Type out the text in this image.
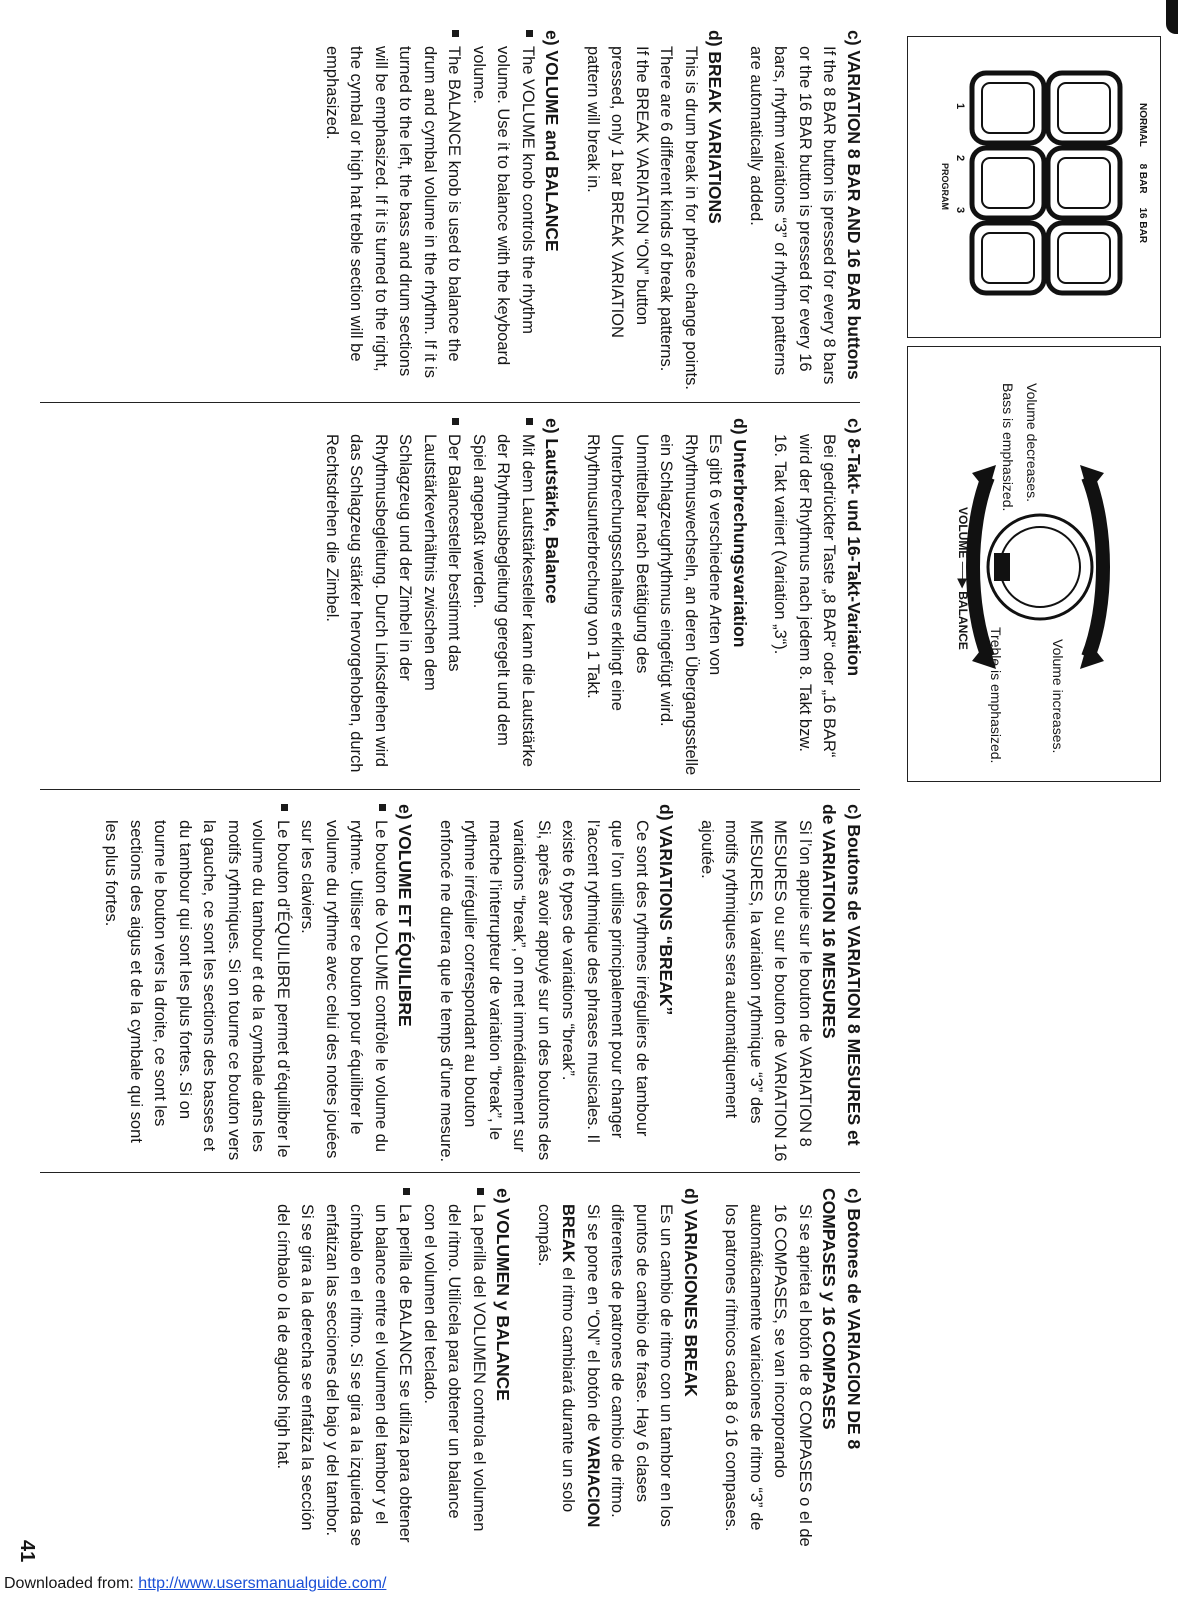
NORMAL      8 BAR     16 BAR
1               2               3
PROGRAM
Volume decreases.
Bass is emphasized.
VOLUME ──▶ BALANCE
Volume increases.
Treble is emphasized.

c) VARIATION 8 BAR AND 16 BAR buttons

If the 8 BAR button is pressed for every 8 bars or the 16 BAR button is pressed for every 16 bars, rhythm variations “3” of rhythm patterns are automatically added.

d) BREAK VARIATIONS

This is drum break in for phrase change points. There are 6 different kinds of break patterns.

If the BREAK VARIATION “ON” button pressed, only 1 bar BREAK VARIATION pattern will break in.

e) VOLUME and BALANCE

The VOLUME knob controls the rhythm volume. Use it to balance with the keyboard volume.

The BALANCE knob is used to balance the drum and cymbal volume in the rhythm. If it is turned to the left, the bass and drum sections will be emphasized. If it is turned to the right, the cymbal or high hat treble section will be emphasized.

c) 8-Takt- und 16-Takt-Variation

Bei gedrückter Taste „8 BAR“ oder „16 BAR“ wird der Rhythmus nach jedem 8. Takt bzw. 16. Takt variiert (Variation „3“).

d) Unterbrechungsvariation

Es gibt 6 verschiedene Arten von Rhythmuswechseln, an deren Übergangsstelle ein Schlagzeugrhythmus eingefügt wird.

Unmittelbar nach Betätigung des Unterbrechungsschalters erklingt eine Rhythmusunterbrechung von 1 Takt.

e) Lautstärke, Balance

Mit dem Lautstärkesteller kann die Lautstärke der Rhythmusbegleitung geregelt und dem Spiel angepaßt werden.

Der Balancesteller bestimmt das Lautstärkeverhältnis zwischen dem Schlagzeug und der Zimbel in der Rhythmusbegleitung. Durch Linksdrehen wird das Schlagzeug stärker hervorgehoben, durch Rechtsdrehen die Zimbel.

c) Boutons de VARIATION 8 MESURES et de VARIATION 16 MESURES

Si l’on appuie sur le bouton de VARIATION 8 MESURES ou sur le bouton de VARIATION 16 MESURES, la variation rythmique “3” des motifs rythmiques sera automatiquement ajoutée.

d) VARIATIONS “BREAK”

Ce sont des rythmes irréguliers de tambour que l’on utilise principalement pour changer l’accent rythmique des phrases musicales. Il existe 6 types de variations “break”.

Si, après avoir appuyé sur un des boutons des variations “break”, on met immédiatement sur marche l’interrupteur de variation “break”, le rythme irrégulier correspondant au bouton enfoncé ne durera que le temps d’une mesure.

e) VOLUME ET ÉQUILIBRE

Le bouton de VOLUME contrôle le volume du rythme. Utiliser ce bouton pour équilibrer le volume du rythme avec celui des notes jouées sur les claviers.

Le bouton d’ÉQUILIBRE permet d’équilibrer le volume du tambour et de la cymbale dans les motifs rythmiques. Si on tourne ce bouton vers la gauche, ce sont les sections des basses et du tambour qui sont les plus fortes. Si on tourne le bouton vers la droite, ce sont les sections des aigus et de la cymbale qui sont les plus fortes.

c) Botones de VARIACION DE 8 COMPASES y 16 COMPASES

Si se aprieta el botón de 8 COMPASES o el de 16 COMPASES, se van incorporando automáticamente variaciones de ritmo “3” de los patrones rítmicos cada 8 ó 16 compases.

d) VARIACIONES BREAK

Es un cambio de ritmo con un tambor en los puntos de cambio de frase. Hay 6 clases diferentes de patrones de cambio de ritmo.

Si se pone en “ON” el botón de VARIACION BREAK el ritmo cambiará durante un solo compás.

e) VOLUMEN y BALANCE

La perilla del VOLUMEN controla el volumen del ritmo. Utilícela para obtener un balance con el volumen del teclado.

La perilla de BALANCE se utiliza para obtener un balance entre el volumen del tambor y el címbalo en el ritmo. Si se gira a la izquierda se enfatizan las secciones del bajo y del tambor. Si se gira a la derecha se enfatiza la sección del címbalo o la de agudos high hat.

41
Downloaded from: http://www.usersmanualguide.com/
